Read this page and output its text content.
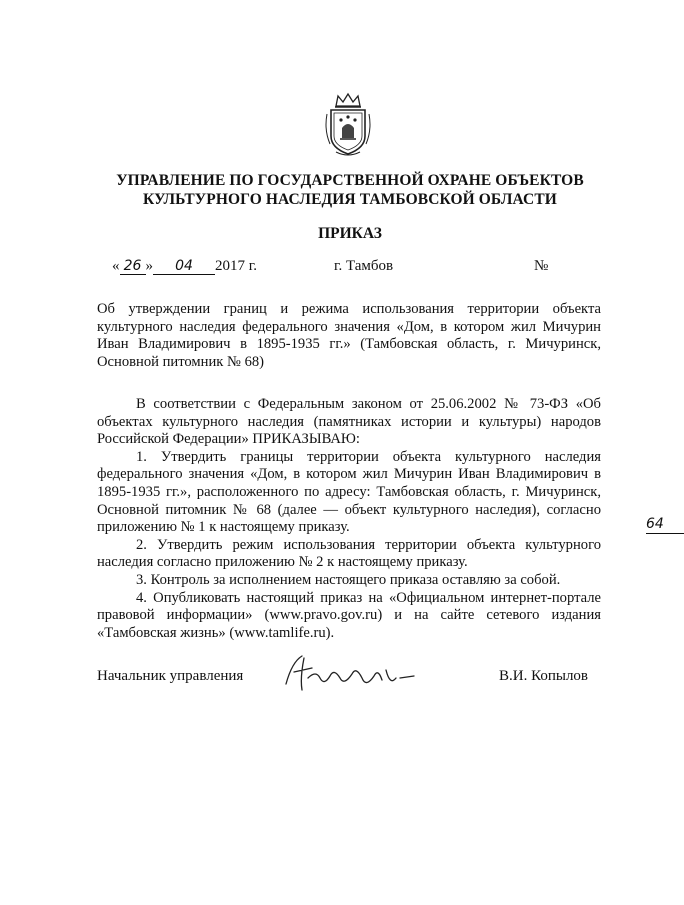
УПРАВЛЕНИЕ ПО ГОСУДАРСТВЕННОЙ ОХРАНЕ ОБЪЕКТОВ КУЛЬТУРНОГО НАСЛЕДИЯ ТАМБОВСКОЙ ОБЛАСТИ
ПРИКАЗ
« 26 » 04 2017 г.	г. Тамбов	№
64
Об утверждении границ и режима использования территории объекта культурного наследия федерального значения «Дом, в котором жил Мичурин Иван Владимирович в 1895-1935 гг.» (Тамбовская область, г. Мичуринск, Основной питомник № 68)

В соответствии с Федеральным законом от 25.06.2002 № 73-ФЗ «Об объектах культурного наследия (памятниках истории и культуры) народов Российской Федерации» ПРИКАЗЫВАЮ:

1. Утвердить границы территории объекта культурного наследия федерального значения «Дом, в котором жил Мичурин Иван Владимирович в 1895-1935 гг.», расположенного по адресу: Тамбовская область, г. Мичуринск, Основной питомник № 68 (далее — объект культурного наследия), согласно приложению № 1 к настоящему приказу.

2. Утвердить режим использования территории объекта культурного наследия согласно приложению № 2 к настоящему приказу.

3. Контроль за исполнением настоящего приказа оставляю за собой.

4. Опубликовать настоящий приказ на «Официальном интернет-портале правовой информации» (www.pravo.gov.ru) и на сайте сетевого издания «Тамбовская жизнь» (www.tamlife.ru).

Начальник управления	В.И. Копылов
